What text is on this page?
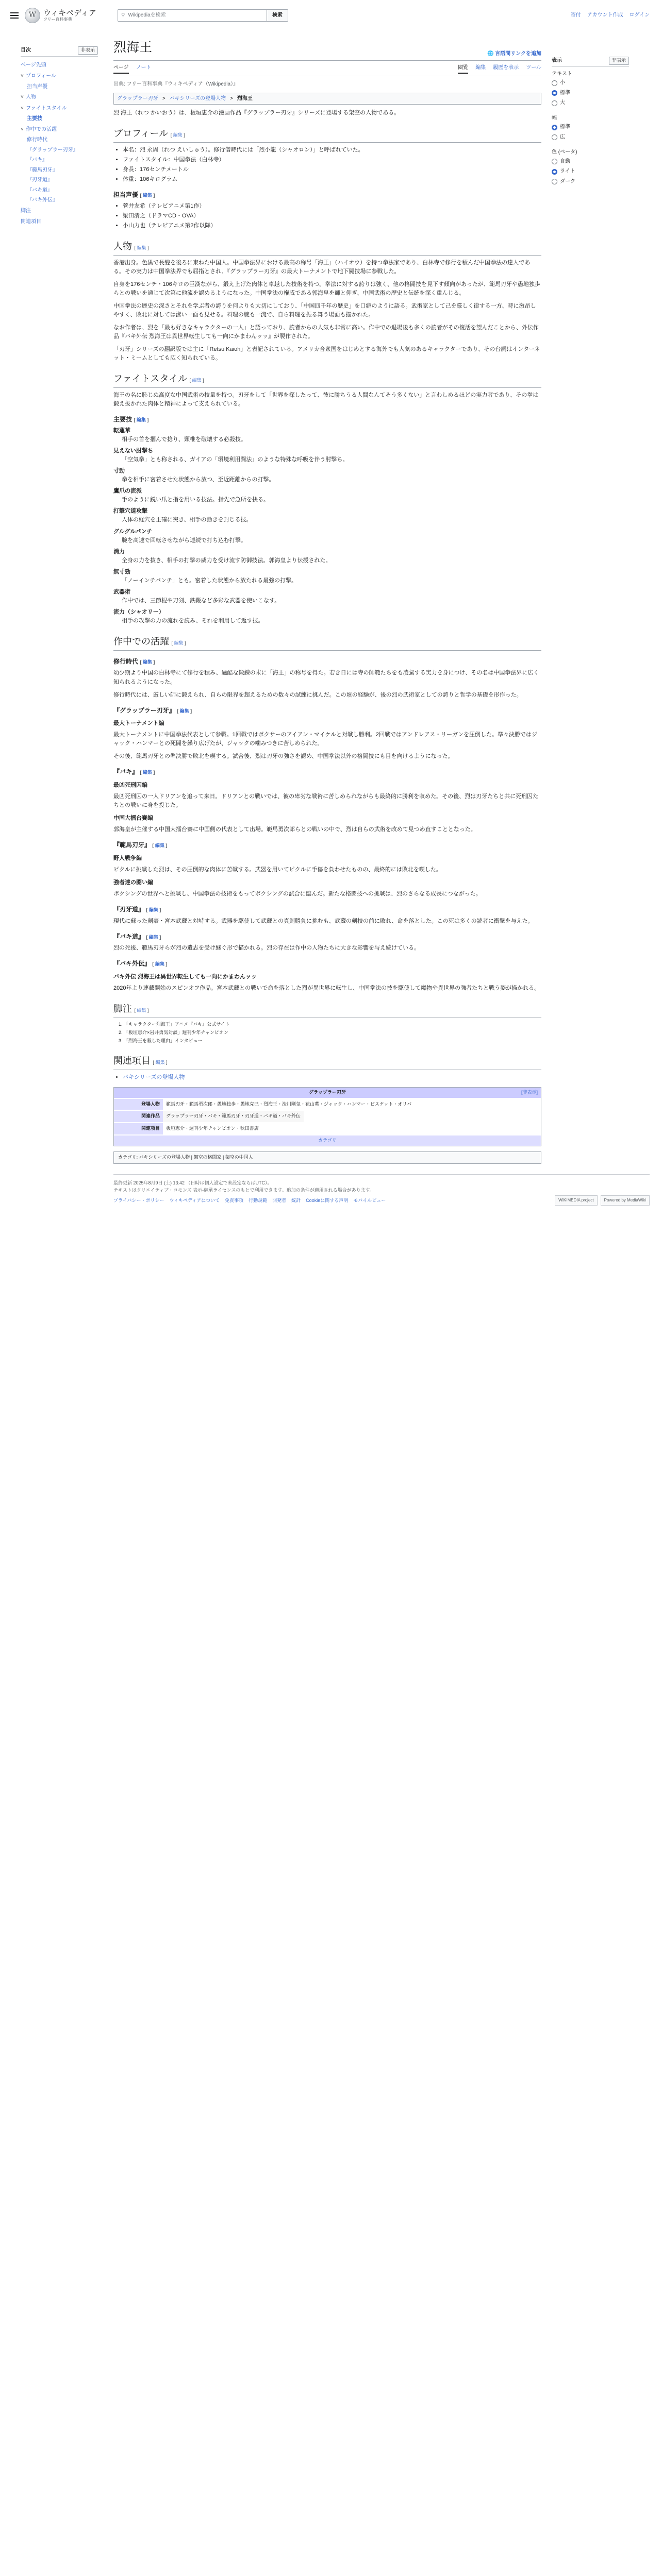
W ウィキペディア
フリー百科事典
⚲ Wikipediaを検索	検索	寄付 アカウント作成 ログイン
目次	非表示
ページ先頭
˅ プロフィール
担当声優
˅ 人物
˅ ファイトスタイル
主要技
˅ 作中での活躍
修行時代
『グラップラー刃牙』
『バキ』
『範馬刃牙』
『刃牙道』
『バキ道』
『バキ外伝』
脚注
関連項目
烈海王	🌐 言語間リンクを追加
ページ ノート	閲覧 編集 履歴を表示 ツール
出典: フリー百科事典『ウィキペディア（Wikipedia）』
グラップラー刃牙 > バキシリーズの登場人物 > 烈海王

烈 海王（れつ かいおう）は、板垣恵介の漫画作品『グラップラー刃牙』シリーズに登場する架空の人物である。

プロフィール [ 編集 ]
• 本名：烈 永周（れつ えいしゅう）。修行僧時代には「烈小龍（シャオロン）」と呼ばれていた。
• ファイトスタイル：中国拳法（白林寺）
• 身長：176センチメートル
• 体重：106キログラム
担当声優 [ 編集 ]
• 菅井友希（テレビアニメ第1作）
• 梁田清之（ドラマCD・OVA）
• 小山力也（テレビアニメ第2作以降）
人物 [ 編集 ]

香港出身。色黒で長髪を後ろに束ねた中国人。中国拳法界における最高の称号「海王」（ハイオウ）を持つ拳法家であり、白林寺で修行を積んだ中国拳法の達人である。その実力は中国拳法界でも屈指とされ、『グラップラー刃牙』の最大トーナメントで地下闘技場に参戦した。

自身を176センチ・106キロの巨漢ながら、鍛え上げた肉体と卓越した技術を持つ。拳法に対する誇りは強く、他の格闘技を見下す傾向があったが、範馬刃牙や愚地独歩らとの戦いを通じて次第に他流を認めるようになった。中国拳法の権威である郭海皇を師と仰ぎ、中国武術の歴史と伝統を深く重んじる。

中国拳法の歴史の深さとそれを学ぶ者の誇りを何よりも大切にしており、「中国四千年の歴史」を口癖のように語る。武術家として己を厳しく律する一方、時に激昂しやすく、敗北に対しては潔い一面も見せる。料理の腕も一流で、自ら料理を振る舞う場面も描かれた。

なお作者は、烈を「最も好きなキャラクターの一人」と語っており、読者からの人気も非常に高い。作中での退場後も多くの読者がその復活を望んだことから、外伝作品『バキ外伝 烈海王は異世界転生しても一向にかまわんッッ』が製作された。

「刃牙」シリーズの翻訳版では主に「Retsu Kaioh」と表記されている。アメリカ合衆国をはじめとする海外でも人気のあるキャラクターであり、その台詞はインターネット・ミームとしても広く知られている。

ファイトスタイル [ 編集 ]

海王の名に恥じぬ高度な中国武術の技量を持つ。刃牙をして「世界を探したって、彼に勝ちうる人間なんてそう多くない」と言わしめるほどの実力者であり、その拳は鍛え抜かれた肉体と精神によって支えられている。

主要技 [ 編集 ]
転蓮華
相手の首を掴んで捻り、頸椎を破壊する必殺技。
見えない肘撃ち
「空気拳」とも称される、ガイアの「環境利用闘法」のような特殊な呼吸を伴う肘撃ち。
寸勁
拳を相手に密着させた状態から放つ、至近距離からの打撃。
鷹爪の流派
手のように鋭い爪と指を用いる技法。指先で急所を抉る。
打撃穴道攻撃
人体の経穴を正確に突き、相手の動きを封じる技。
グルグルパンチ
腕を高速で回転させながら連続で打ち込む打撃。
消力
全身の力を抜き、相手の打撃の威力を受け流す防御技法。郭海皇より伝授された。
無寸勁
「ノーインチパンチ」とも。密着した状態から放たれる最強の打撃。
武器術
作中では、三節棍や刀剣、鉄鞭など多彩な武器を使いこなす。
流力（シャオリー）
相手の攻撃の力の流れを読み、それを利用して返す技。
作中での活躍 [ 編集 ]
修行時代 [ 編集 ]

幼少期より中国の白林寺にて修行を積み、過酷な鍛錬の末に「海王」の称号を得た。若き日には寺の師範たちをも凌駕する実力を身につけ、その名は中国拳法界に広く知られるようになった。

修行時代には、厳しい師に鍛えられ、自らの限界を超えるための数々の試練に挑んだ。この頃の経験が、後の烈の武術家としての誇りと哲学の基礎を形作った。

『グラップラー刃牙』 [ 編集 ]
最大トーナメント編

最大トーナメントに中国拳法代表として参戦。1回戦ではボクサーのアイアン・マイケルと対戦し勝利。2回戦ではアンドレアス・リーガンを圧倒した。準々決勝ではジャック・ハンマーとの死闘を繰り広げたが、ジャックの噛みつきに苦しめられた。

その後、範馬刃牙との準決勝で敗北を喫する。試合後、烈は刃牙の強さを認め、中国拳法以外の格闘技にも目を向けるようになった。

『バキ』 [ 編集 ]
最凶死刑囚編

最凶死刑囚の一人ドリアンを追って来日。ドリアンとの戦いでは、彼の卑劣な戦術に苦しめられながらも最終的に勝利を収めた。その後、烈は刃牙たちと共に死刑囚たちとの戦いに身を投じた。

中国大擂台賽編

郭海皇が主催する中国大擂台賽に中国側の代表として出場。範馬勇次郎らとの戦いの中で、烈は自らの武術を改めて見つめ直すこととなった。

『範馬刃牙』 [ 編集 ]
野人戦争編

ピクルに挑戦した烈は、その圧倒的な肉体に苦戦する。武器を用いてピクルに手傷を負わせたものの、最終的には敗北を喫した。

強者達の闘い編

ボクシングの世界へと挑戦し、中国拳法の技術をもってボクシングの試合に臨んだ。新たな格闘技への挑戦は、烈のさらなる成長につながった。

『刃牙道』 [ 編集 ]

現代に蘇った剣豪・宮本武蔵と対峙する。武器を駆使して武蔵との真剣勝負に挑むも、武蔵の剣技の前に敗れ、命を落とした。この死は多くの読者に衝撃を与えた。

『バキ道』 [ 編集 ]

烈の死後、範馬刃牙らが烈の遺志を受け継ぐ形で描かれる。烈の存在は作中の人物たちに大きな影響を与え続けている。

『バキ外伝』 [ 編集 ]
バキ外伝 烈海王は異世界転生しても一向にかまわんッッ

2020年より連載開始のスピンオフ作品。宮本武蔵との戦いで命を落とした烈が異世界に転生し、中国拳法の技を駆使して魔物や異世界の強者たちと戦う姿が描かれる。

脚注 [ 編集 ]
1. 「キャラクター烈海王」アニメ『バキ』公式サイト
2. 「板垣恵介×岩井勇気対談」週刊少年チャンピオン
3. 「烈海王を殺した理由」インタビュー
関連項目 [ 編集 ]
• バキシリーズの登場人物
グラップラー刃牙	[非表示]
登場人物	範馬刃牙・範馬勇次郎・愚地独歩・愚地克巳・烈海王・渋川剛気・花山薫・ジャック・ハンマー・ビスケット・オリバ
関連作品	グラップラー刃牙・バキ・範馬刃牙・刃牙道・バキ道・バキ外伝
関連項目	板垣恵介・週刊少年チャンピオン・秋田書店
カテゴリ
カテゴリ: バキシリーズの登場人物 | 架空の格闘家 | 架空の中国人
表示	非表示
テキスト
小
標準
大
幅
標準
広
色 (ベータ)
自動
ライト
ダーク
最終更新 2025年8月9日 (土) 13:42 （日時は個人設定で未設定ならばUTC）。
テキストはクリエイティブ・コモンズ 表示-継承ライセンスのもとで利用できます。追加の条件が適用される場合があります。
プライバシー・ポリシー ウィキペディアについて 免責事項 行動規範 開発者 統計 Cookieに関する声明 モバイルビュー	WIKIMEDIA project	Powered by MediaWiki
